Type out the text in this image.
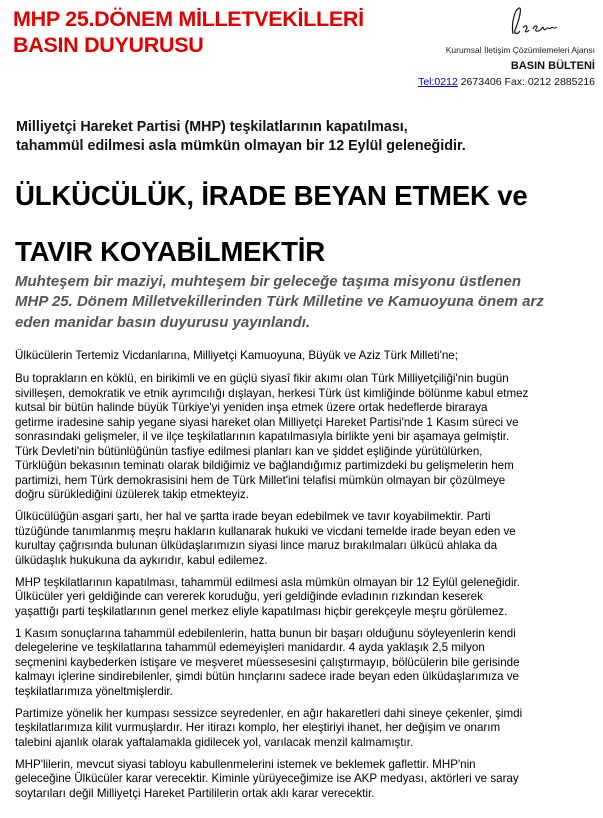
MHP 25.DÖNEM MİLLETVEKİLLERİ
BASIN DUYURUSU	Kurumsal İletişim Çözümlemeleri Ajansı
BASIN BÜLTENİ
Tel:0212 2673406 Fax: 0212 2885216
Milliyetçi Hareket Partisi (MHP) teşkilatlarının kapatılması,
tahammül edilmesi asla mümkün olmayan bir 12 Eylül geleneğidir.
ÜLKÜCÜLÜK, İRADE BEYAN ETMEK ve
TAVIR KOYABİLMEKTİR
Muhteşem bir maziyi, muhteşem bir geleceğe taşıma misyonu üstlenen
MHP 25. Dönem Milletvekillerinden Türk Milletine ve Kamuoyuna önem arz
eden manidar basın duyurusu yayınlandı.
Ülkücülerin Tertemiz Vicdanlarına, Milliyetçi Kamuoyuna, Büyük ve Aziz Türk Milleti'ne;

Bu toprakların en köklü, en birikimli ve en güçlü siyasî fikir akımı olan Türk Milliyetçiliği'nin bugün
sivilleşen, demokratik ve etnik ayrımcılığı dışlayan, herkesi Türk üst kimliğinde bölünme kabul etmez
kutsal bir bütün halinde büyük Türkiye'yi yeniden inşa etmek üzere ortak hedeflerde biraraya
getirme iradesine sahip yegane siyasi hareket olan Milliyetçi Hareket Partisi'nde 1 Kasım süreci ve
sonrasındaki gelişmeler, il ve ilçe teşkilatlarının kapatılmasıyla birlikte yeni bir aşamaya gelmiştir.
Türk Devleti'nin bütünlüğünün tasfiye edilmesi planları kan ve şiddet eşliğinde yürütülürken,
Türklüğün bekasının teminatı olarak bildiğimiz ve bağlandığımız partimizdeki bu gelişmelerin hem
partimizi, hem Türk demokrasisini hem de Türk Millet'ini telafisi mümkün olmayan bir çözülmeye
doğru sürüklediğini üzülerek takip etmekteyiz.

Ülkücülüğün asgari şartı, her hal ve şartta irade beyan edebilmek ve tavır koyabilmektir. Parti
tüzüğünde tanımlanmış meşru hakların kullanarak hukuki ve vicdani temelde irade beyan eden ve
kurultay çağrısında bulunan ülküdaşlarımızın siyasi lince maruz bırakılmaları ülkücü ahlaka da
ülküdaşlık hukukuna da aykırıdır, kabul edilemez.

MHP teşkilatlarının kapatılması, tahammül edilmesi asla mümkün olmayan bir 12 Eylül geleneğidir.
Ülkücüler yeri geldiğinde can vererek koruduğu, yeri geldiğinde evladının rızkından keserek
yaşattığı parti teşkilatlarının genel merkez eliyle kapatılması hiçbir gerekçeyle meşru görülemez.

1 Kasım sonuçlarına tahammül edebilenlerin, hatta bunun bir başarı olduğunu söyleyenlerin kendi
delegelerine ve teşkilatlarına tahammül edemeyişleri manidardır. 4 ayda yaklaşık 2,5 milyon
seçmenini kaybederken istişare ve meşveret müessesesini çalıştırmayıp, bölücülerin bile gerisinde
kalmayı içlerine sindirebilenler, şimdi bütün hınçlarını sadece irade beyan eden ülküdaşlarımıza ve
teşkilatlarımıza yöneltmişlerdir.

Partimize yönelik her kumpası sessizce seyredenler, en ağır hakaretleri dahi sineye çekenler, şimdi
teşkilatlarımıza kilit vurmuşlardır. Her itirazı komplo, her eleştiriyi ihanet, her değişim ve onarım
talebini ajanlık olarak yaftalamakla gidilecek yol, varılacak menzil kalmamıştır.

MHP'lilerin, mevcut siyasi tabloyu kabullenmelerini istemek ve beklemek gaflettir. MHP'nin
geleceğine Ülkücüler karar verecektir. Kiminle yürüyeceğimize ise AKP medyası, aktörleri ve saray
soytarıları değil Milliyetçi Hareket Partililerin ortak aklı karar verecektir.
